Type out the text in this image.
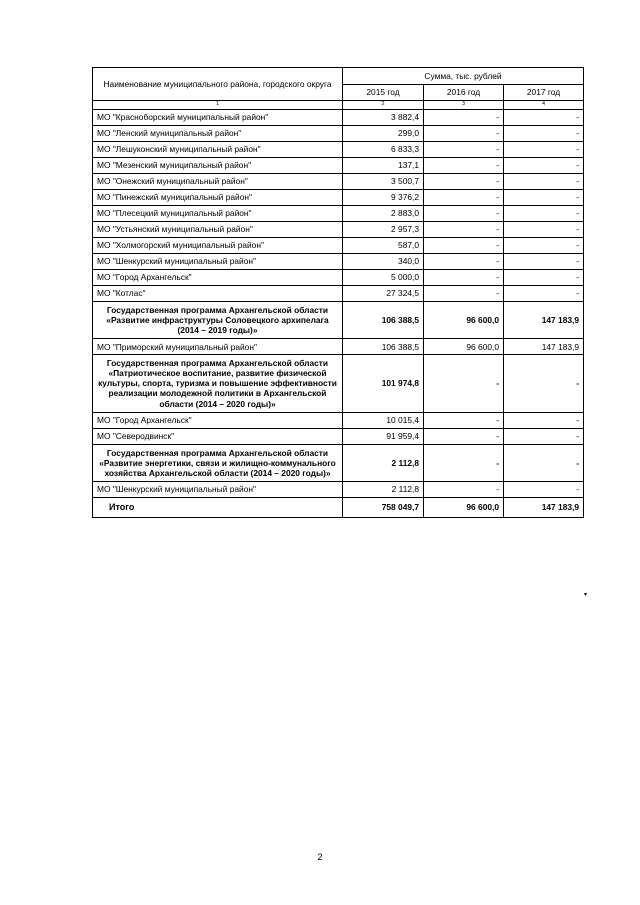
Наименование муниципального района, городского округа	Сумма, тыс. рублей		
	2015 год	2016 год	2017 год
1	2	3	4
МО "Красноборский муниципальный район"	3 882,4	-	-
МО "Ленский муниципальный район"	299,0	-	-
МО "Лешуконский муниципальный район"	6 833,3	-	-
МО "Мезенский муниципальный район"	137,1	-	-
МО "Онежский муниципальный район"	3 500,7	-	-
МО "Пинежский муниципальный район"	9 376,2	-	-
МО "Плесецкий муниципальный район"	2 883,0	-	-
МО "Устьянский муниципальный район"	2 957,3	-	-
МО "Холмогорский муниципальный район"	587,0	-	-
МО "Шенкурский муниципальный район"	340,0	-	-
МО "Город Архангельск"	5 000,0	-	-
МО "Котлас"	27 324,5	-	-
Государственная программа Архангельской области «Развитие инфраструктуры Соловецкого архипелага (2014 – 2019 годы)»	106 388,5	96 600,0	147 183,9
МО "Приморский муниципальный район"	106 388,5	96 600,0	147 183,9
Государственная программа Архангельской области «Патриотическое воспитание, развитие физической культуры, спорта, туризма и повышение эффективности реализации молодежной политики в Архангельской области (2014 – 2020 годы)»	101 974,8	-	-
МО "Город Архангельск"	10 015,4	-	-
МО "Северодвинск"	91 959,4	-	-
Государственная программа Архангельской области «Развитие энергетики, связи и жилищно-коммунального хозяйства Архангельской области (2014 – 2020 годы)»	2 112,8	-	-
МО "Шенкурский муниципальный район"	2 112,8	-	-
Итого	758 049,7	96 600,0	147 183,9
▾
2
